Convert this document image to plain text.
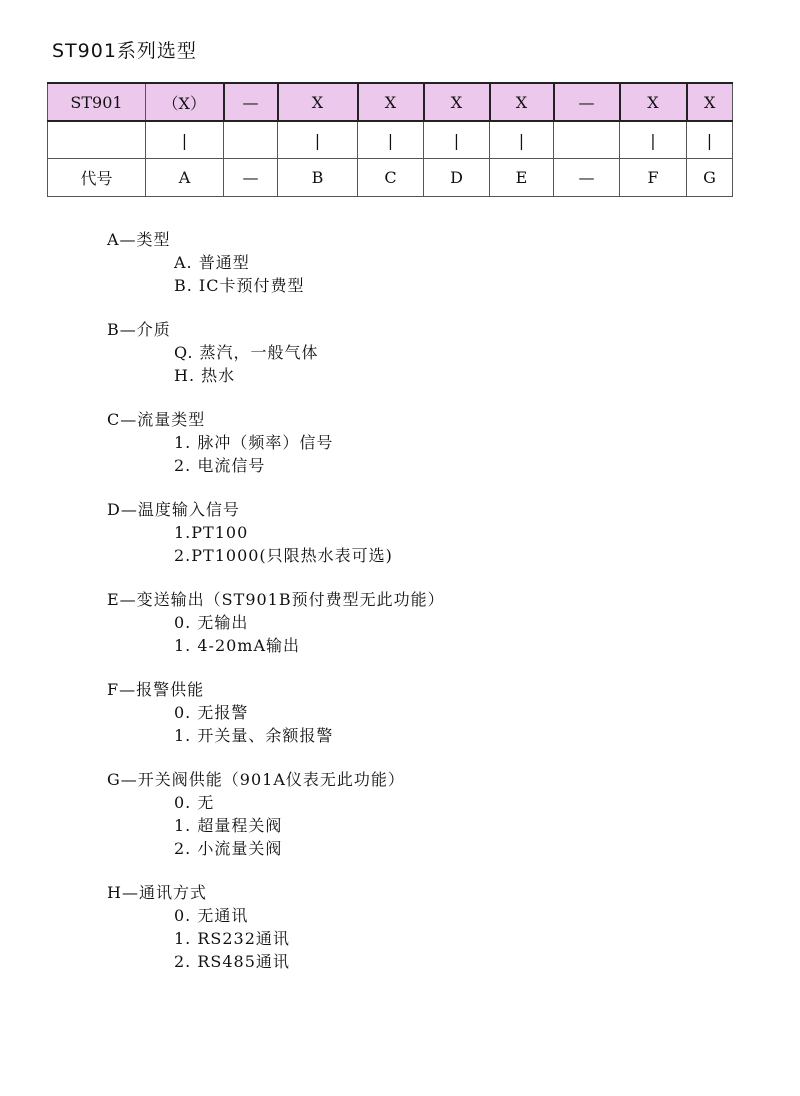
ST901系列选型
ST901	（X）	—	X	X	X	X	—	X	X
	|		|	|	|	|		|	|
代号	A	—	B	C	D	E	—	F	G
A—类型
A. 普通型
B. IC卡预付费型
B—介质
Q. 蒸汽，一般气体
H. 热水
C—流量类型
1. 脉冲（频率）信号
2. 电流信号
D—温度输入信号
1.PT100
2.PT1000(只限热水表可选)
E—变送输出（ST901B预付费型无此功能）
0. 无输出
1. 4-20mA输出
F—报警供能
0. 无报警
1. 开关量、余额报警
G—开关阀供能（901A仪表无此功能）
0. 无
1. 超量程关阀
2. 小流量关阀
H—通讯方式
0. 无通讯
1. RS232通讯
2. RS485通讯
